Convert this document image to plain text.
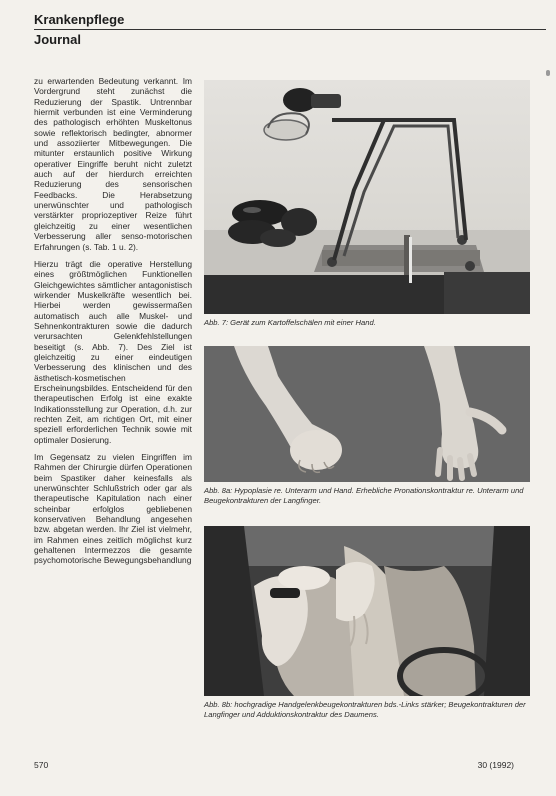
Krankenpflege
Journal

zu erwartenden Bedeutung verkannt. Im Vordergrund steht zunächst die Reduzierung der Spastik. Untrennbar hiermit verbunden ist eine Verminderung des pathologisch erhöhten Muskeltonus sowie reflektorisch bedingter, abnormer und assoziierter Mitbewegungen. Die mitunter erstaunlich positive Wirkung operativer Eingriffe beruht nicht zuletzt auch auf der hierdurch erreichten Reduzierung des sensorischen Feedbacks. Die Herabsetzung unerwünschter und pathologisch verstärkter propriozeptiver Reize führt gleichzeitig zu einer wesentlichen Verbesserung aller senso-motorischen Erfahrungen (s. Tab. 1 u. 2).

Hierzu trägt die operative Herstellung eines größtmöglichen Funktionellen Gleichgewichtes sämtlicher antagonistisch wirkender Muskelkräfte wesentlich bei. Hierbei werden gewissermaßen automatisch auch alle Muskel- und Sehnenkontrakturen sowie die dadurch verursachten Gelenkfehlstellungen beseitigt (s. Abb. 7). Des Ziel ist gleichzeitig zu einer eindeutigen Verbesserung des klinischen und des ästhetisch-kosmetischen Erscheinungsbildes. Entscheidend für den therapeutischen Erfolg ist eine exakte Indikationsstellung zur Operation, d.h. zur rechten Zeit, am richtigen Ort, mit einer speziell erforderlichen Technik sowie mit optimaler Dosierung.

Im Gegensatz zu vielen Eingriffen im Rahmen der Chirurgie dürfen Operationen beim Spastiker daher keinesfalls als unerwünschter Schlußstrich oder gar als therapeutische Kapitulation nach einer scheinbar erfolglos gebliebenen konservativen Behandlung angesehen bzw. abgetan werden. Ihr Ziel ist vielmehr, im Rahmen eines zeitlich möglichst kurz gehaltenen Intermezzos die gesamte psychomotorische Bewegungsbehandlung

Abb. 7: Gerät zum Kartoffelschälen mit einer Hand.
Abb. 8a: Hypoplasie re. Unterarm und Hand. Erhebliche Pronationskontraktur re. Unterarm und Beugekontrakturen der Langfinger.
Abb. 8b: hochgradige Handgelenkbeugekontrakturen bds.-Links stärker; Beugekontrakturen der Langfinger und Adduktionskontraktur des Daumens.
570	30 (1992)
